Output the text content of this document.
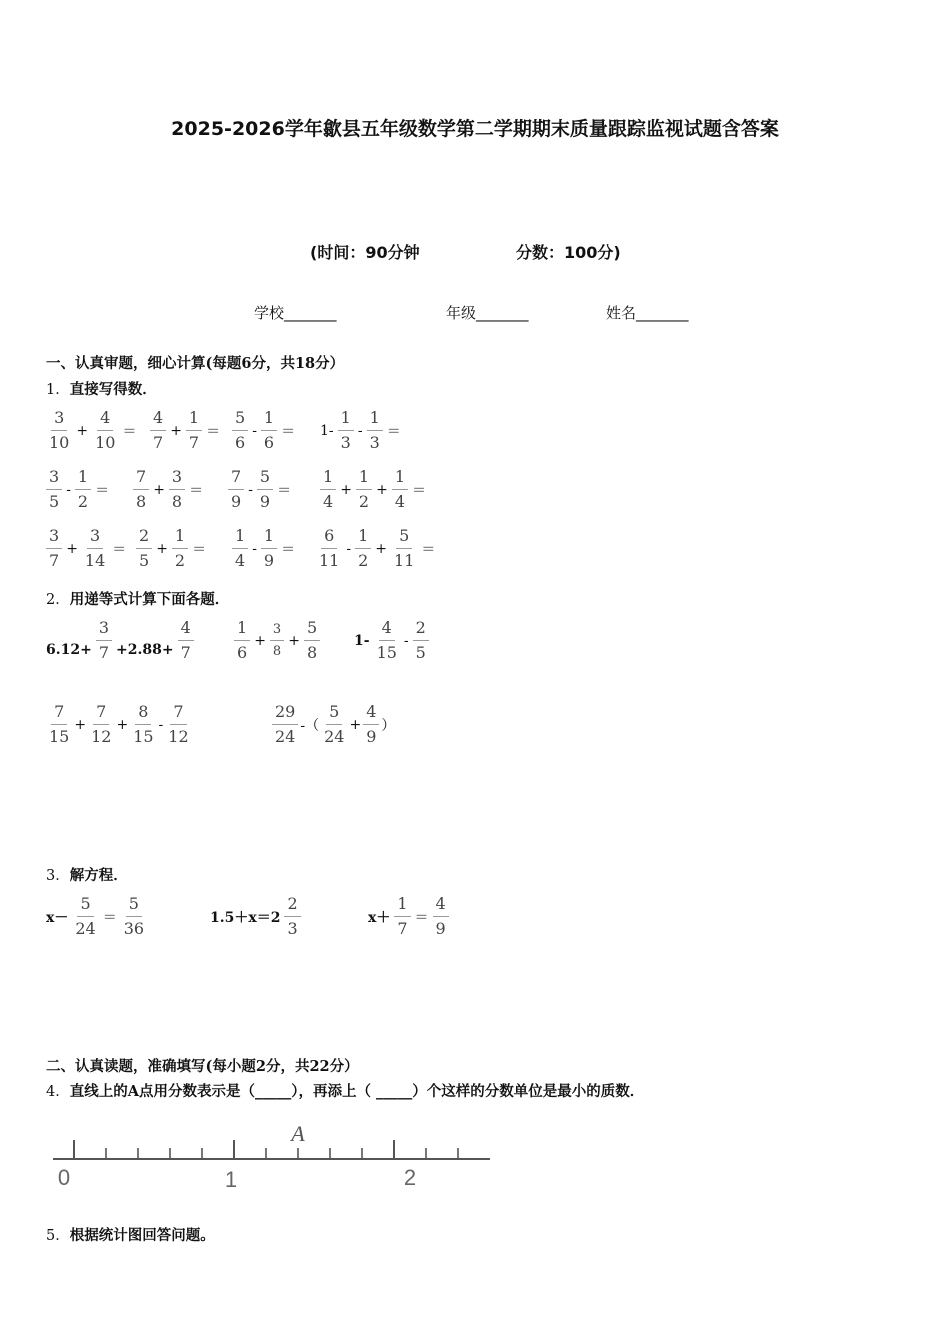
2025-2026学年歙县五年级数学第二学期期末质量跟踪监视试题含答案
(时间：90分钟	分数：100分)
学校_______	年级_______	姓名_______
一、认真审题，细心计算(每题6分，共18分）
1．直接写得数．
$\frac{3}{10} + \frac{4}{10} = \frac{4}{7} + \frac{1}{7} = \frac{5}{6} - \frac{1}{6} = 1- \frac{1}{3} - \frac{1}{3}$ ＝
$\frac{3}{5} - \frac{1}{2} = \frac{7}{8} + \frac{3}{8} = \frac{7}{9} - \frac{5}{9} = \frac{1}{4} + \frac{1}{2} + \frac{1}{4}$ ＝
$\frac{3}{7} + \frac{3}{14} = \frac{2}{5} + \frac{1}{2} = \frac{1}{4} - \frac{1}{9} = \frac{6}{11} - \frac{1}{2} + \frac{5}{11}$ ＝
2．用递等式计算下面各题．
$6.12+ \frac{3}{7} +2.88+ \frac{4}{7}$	$\frac{1}{6} + \frac{3}{8} + \frac{5}{8} 1- \frac{4}{15} - \frac{2}{5}$
$\frac{7}{15} + \frac{7}{12} + \frac{8}{15} - \frac{7}{12}$	$\frac{29}{24}$ -（ $\frac{5}{24} + \frac{4}{9}$ ）
3．解方程．
$x- \frac{5}{24} = \frac{5}{36}$	$1.5+x=2 \frac{2}{3}$	$x+ \frac{1}{7} = \frac{4}{9}$
二、认真读题，准确填写(每小题2分，共22分）
4．直线上的A点用分数表示是（_____），再添上（ _____）个这样的分数单位是最小的质数．
0	1	2
A
5．根据统计图回答问题。
